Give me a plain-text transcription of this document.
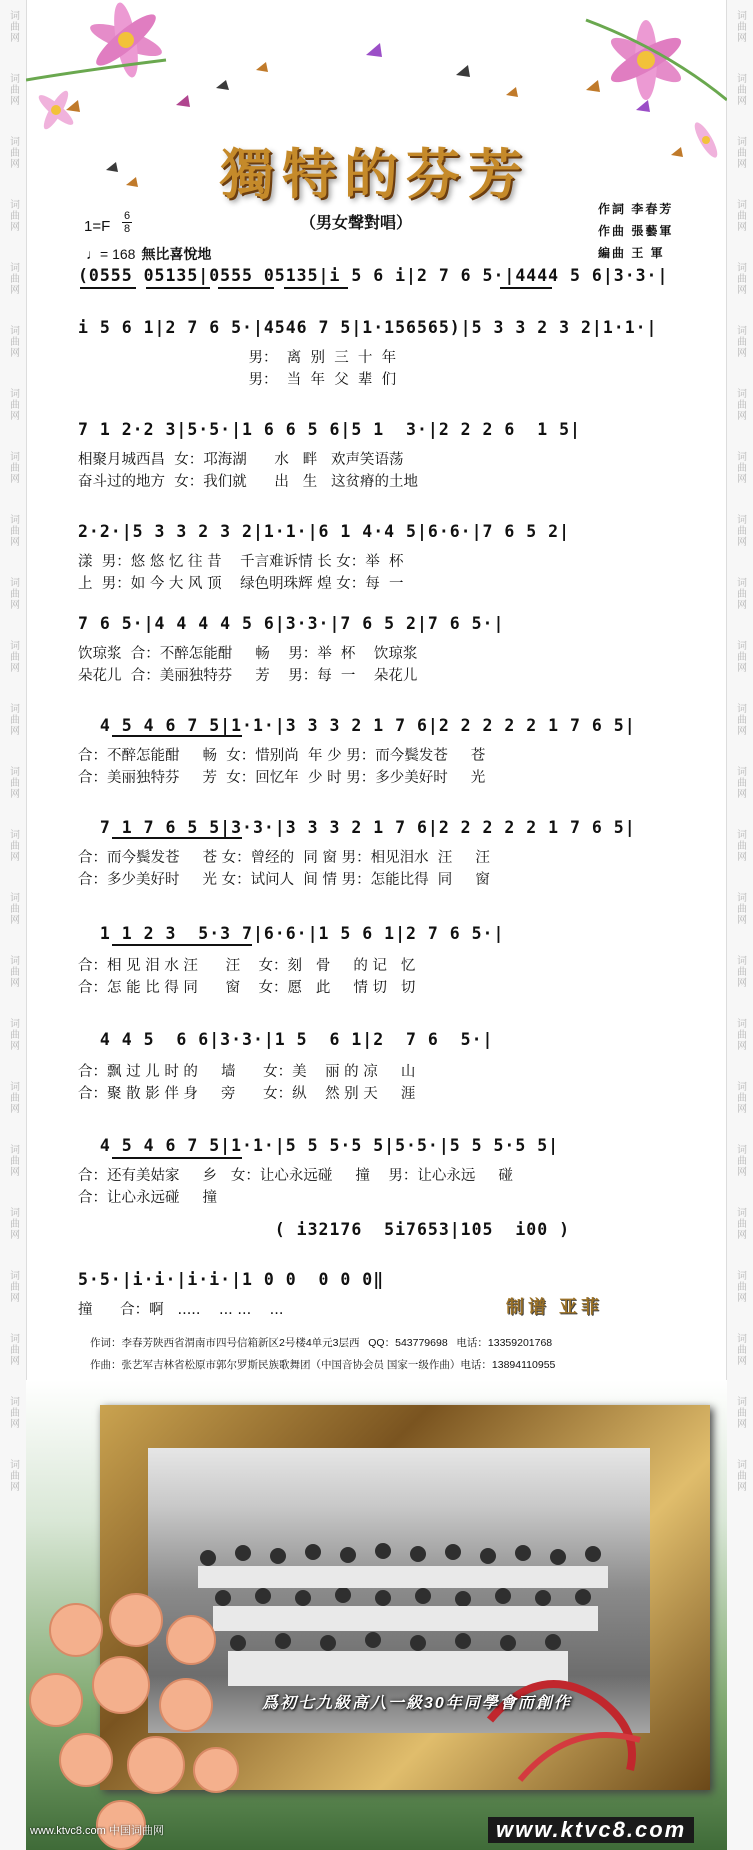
词曲网
词曲网
词曲网
词曲网
词曲网
词曲网
词曲网
词曲网
词曲网
词曲网
词曲网
词曲网
词曲网
词曲网
词曲网
词曲网
词曲网
词曲网
词曲网
词曲网
词曲网
词曲网
词曲网
词曲网
词曲网
词曲网
词曲网
词曲网
词曲网
词曲网
词曲网
词曲网
词曲网
词曲网
词曲网
词曲网
词曲网
词曲网
词曲网
词曲网
词曲网
词曲网
词曲网
词曲网
词曲网
词曲网
词曲网
词曲网
獨特的芬芳
（男女聲對唱）
作詞 李春芳
作曲 張藝軍
編曲 王 軍
1=F
6
8
♩= 168 無比喜悅地
(0555 05135|0555 05135|i 5 6 i|2 7 6 5·|4444 5 6|3·3·|
i 5 6 1|2 7 6 5·|4546 7 5|1·156565)|5 3 3 2 3 2|1·1·|
男：  离  别  三  十  年
男：  当  年  父  辈  们
7 1 2·2 3|5·5·|1 6 6 5 6|5 1  3·|2 2 2 6  1 5|
相聚月城西昌  女：邛海湖      水   畔   欢声笑语荡
奋斗过的地方  女：我们就      出   生   这贫瘠的土地
2·2·|5 3 3 2 3 2|1·1·|6 1 4·4 5|6·6·|7 6 5 2|
漾  男：悠 悠 忆 往 昔    千言难诉情 长 女：举  杯
上  男：如 今 大 风 顶    绿色明珠辉 煌 女：每  一
7 6 5·|4 4 4 4 5 6|3·3·|7 6 5 2|7 6 5·|
饮琼浆  合：不醉怎能酣     畅    男：举  杯    饮琼浆
朵花儿  合：美丽独特芬     芳    男：每  一    朵花儿
4 5 4 6 7 5|1·1·|3 3 3 2 1 7 6|2 2 2 2 2 1 7 6 5|
合：不醉怎能酣     畅  女：惜别尚  年 少 男：而今鬓发苍     苍
合：美丽独特芬     芳  女：回忆年  少 时 男：多少美好时     光
7 1 7 6 5 5|3·3·|3 3 3 2 1 7 6|2 2 2 2 2 1 7 6 5|
合：而今鬓发苍     苍 女：曾经的  同 窗 男：相见泪水  汪     汪
合：多少美好时     光 女：试问人  间 情 男：怎能比得  同     窗
1 1 2 3  5·3 7|6·6·|1 5 6 1|2 7 6 5·|
合：相 见 泪 水 汪      汪    女：刻   骨     的 记   忆
合：怎 能 比 得 同      窗    女：愿   此     情 切   切
4 4 5  6 6|3·3·|1 5  6 1|2  7 6  5·|
合：飘 过 儿 时 的     墙      女：美    丽 的 凉     山
合：聚 散 影 伴 身     旁      女：纵    然 别 天     涯
4 5 4 6 7 5|1·1·|5 5 5·5 5|5·5·|5 5 5·5 5|
合：还有美姑家     乡   女：让心永远碰     撞    男：让心永远     碰
合：让心永远碰     撞
( i32176  5i7653|105  i00 )
5·5·|i·i·|i·i·|1 0 0  0 0 0‖
撞      合：啊   .....    ... ...    ...	制谱 亚菲
作词：李春芳陕西省渭南市四号信箱新区2号楼4单元3层西   QQ：543779698   电话：13359201768
作曲：张艺军吉林省松原市郭尔罗斯民族歌舞团（中国音协会员 国家一级作曲）电话：13894110955
爲初七九級高八一級30年同學會而創作
www.ktvc8.com 中国词曲网	www.ktvc8.com
